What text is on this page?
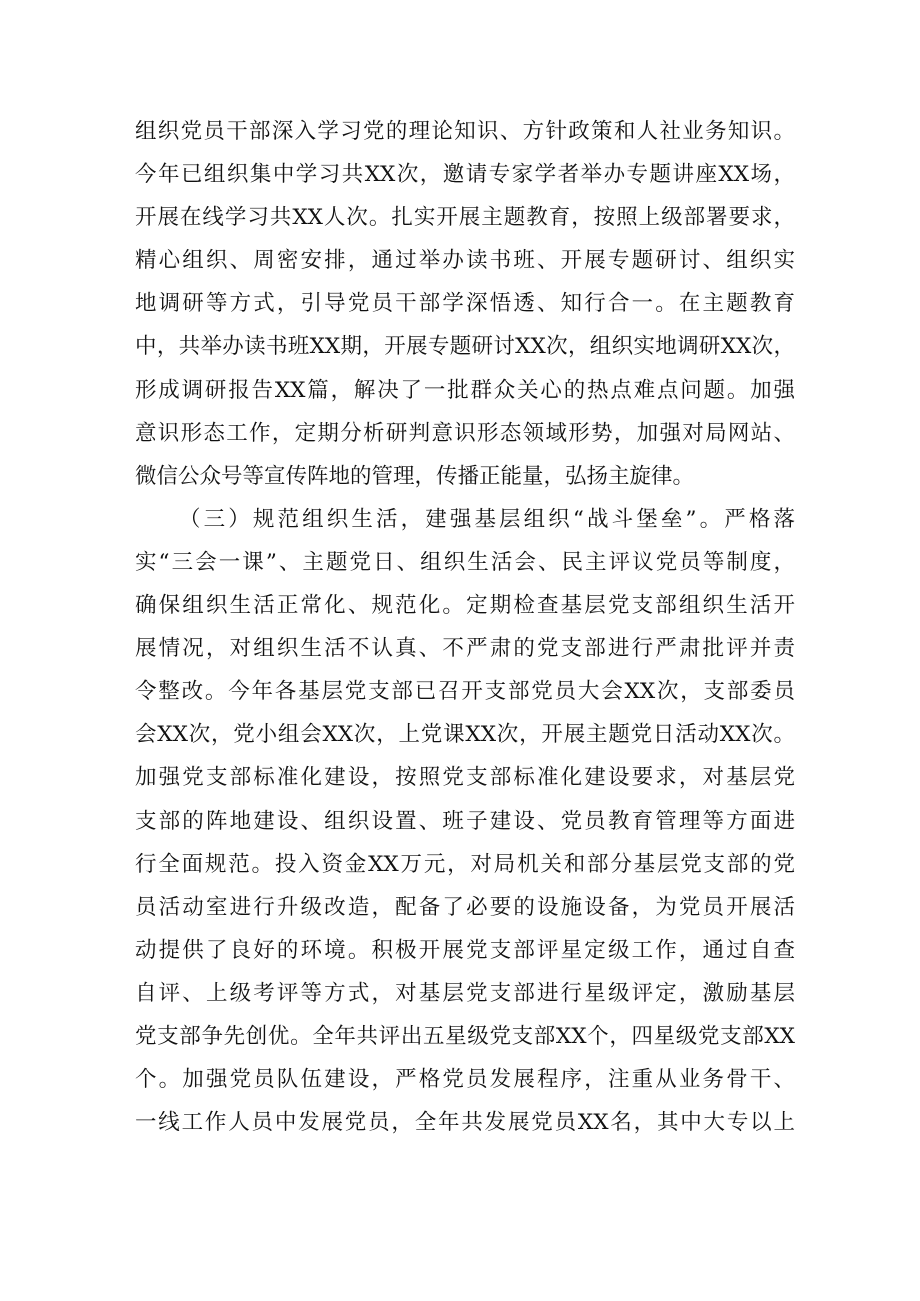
组织党员干部深入学习党的理论知识、方针政策和人社业务知识。
今年已组织集中学习共XX次，邀请专家学者举办专题讲座XX场，
开展在线学习共XX人次。扎实开展主题教育，按照上级部署要求，
精心组织、周密安排，通过举办读书班、开展专题研讨、组织实
地调研等方式，引导党员干部学深悟透、知行合一。在主题教育
中，共举办读书班XX期，开展专题研讨XX次，组织实地调研XX次，
形成调研报告XX篇，解决了一批群众关心的热点难点问题。加强
意识形态工作，定期分析研判意识形态领域形势，加强对局网站、
微信公众号等宣传阵地的管理，传播正能量，弘扬主旋律。
（三）规范组织生活，建强基层组织“战斗堡垒”。严格落
实“三会一课”、主题党日、组织生活会、民主评议党员等制度，
确保组织生活正常化、规范化。定期检查基层党支部组织生活开
展情况，对组织生活不认真、不严肃的党支部进行严肃批评并责
令整改。今年各基层党支部已召开支部党员大会XX次，支部委员
会XX次，党小组会XX次，上党课XX次，开展主题党日活动XX次。
加强党支部标准化建设，按照党支部标准化建设要求，对基层党
支部的阵地建设、组织设置、班子建设、党员教育管理等方面进
行全面规范。投入资金XX万元，对局机关和部分基层党支部的党
员活动室进行升级改造，配备了必要的设施设备，为党员开展活
动提供了良好的环境。积极开展党支部评星定级工作，通过自查
自评、上级考评等方式，对基层党支部进行星级评定，激励基层
党支部争先创优。全年共评出五星级党支部XX个，四星级党支部XX
个。加强党员队伍建设，严格党员发展程序，注重从业务骨干、
一线工作人员中发展党员，全年共发展党员XX名，其中大专以上
